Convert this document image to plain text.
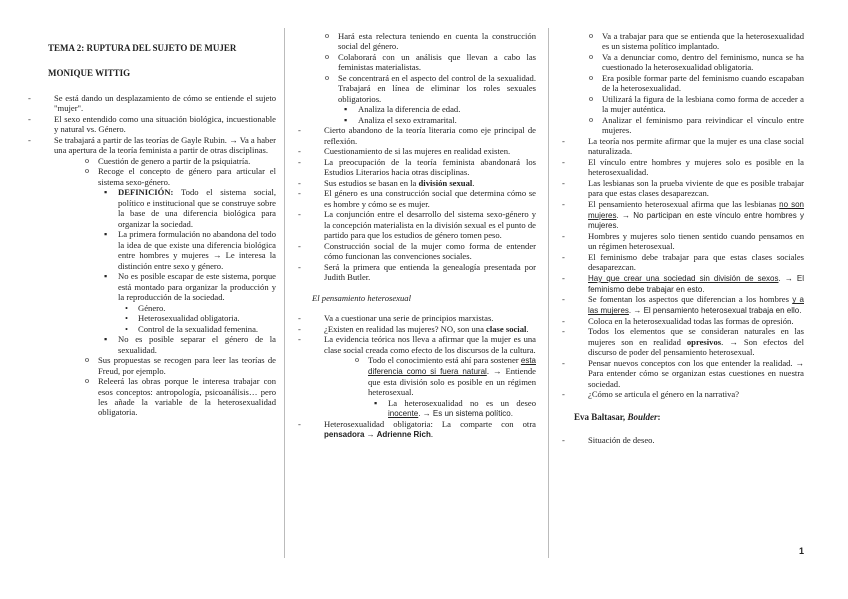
TEMA 2: RUPTURA DEL SUJETO DE MUJER
MONIQUE WITTIG
- Se está dando un desplazamiento de cómo se entiende el sujeto "mujer".
- El sexo entendido como una situación biológica, incuestionable y natural vs. Género.
- Se trabajará a partir de las teorías de Gayle Rubin. → Va a haber una apertura de la teoría feminista a partir de otras disciplinas.
o Cuestión de genero a partir de la psiquiatría.
o Recoge el concepto de género para articular el sistema sexo-género.
▪ DEFINICIÓN: Todo el sistema social, político e institucional que se construye sobre la base de una diferencia biológica para organizar la sociedad.
▪ La primera formulación no abandona del todo la idea de que existe una diferencia biológica entre hombres y mujeres → Le interesa la distinción entre sexo y género.
▪ No es posible escapar de este sistema, porque está montado para organizar la producción y la reproducción de la sociedad.
• Género.
• Heterosexualidad obligatoria.
• Control de la sexualidad femenina.
▪ No es posible separar el género de la sexualidad.
o Sus propuestas se recogen para leer las teorías de Freud, por ejemplo.
o Releerá las obras porque le interesa trabajar con esos conceptos: antropología, psicoanálisis… pero les añade la variable de la heterosexualidad obligatoria.
o Hará esta relectura teniendo en cuenta la construcción social del género.
o Colaborará con un análisis que llevan a cabo las feministas materialistas.
o Se concentrará en el aspecto del control de la sexualidad. Trabajará en línea de eliminar los roles sexuales obligatorios.
▪ Analiza la diferencia de edad.
▪ Analiza el sexo extramarital.
- Cierto abandono de la teoría literaria como eje principal de reflexión.
- Cuestionamiento de si las mujeres en realidad existen.
- La preocupación de la teoría feminista abandonará los Estudios Literarios hacia otras disciplinas.
- Sus estudios se basan en la división sexual.
- El género es una construcción social que determina cómo se es hombre y cómo se es mujer.
- La conjunción entre el desarrollo del sistema sexo-género y la concepción materialista en la división sexual es el punto de partido para que los estudios de género tomen peso.
- Construcción social de la mujer como forma de entender cómo funcionan las convenciones sociales.
- Será la primera que entienda la genealogía presentada por Judith Butler.
El pensamiento heterosexual
- Va a cuestionar una serie de principios marxistas.
- ¿Existen en realidad las mujeres? NO, son una clase social.
- La evidencia teórica nos lleva a afirmar que la mujer es una clase social creada como efecto de los discursos de la cultura.
o Todo el conocimiento está ahí para sostener esta diferencia como si fuera natural. → Entiende que esta división solo es posible en un régimen heterosexual.
▪ La heterosexualidad no es un deseo inocente. → Es un sistema político.
- Heterosexualidad obligatoria: La comparte con otra pensadora → Adrienne Rich.
o Va a trabajar para que se entienda que la heterosexualidad es un sistema político implantado.
o Va a denunciar como, dentro del feminismo, nunca se ha cuestionado la heterosexualidad obligatoria.
o Era posible formar parte del feminismo cuando escapaban de la heterosexualidad.
o Utilizará la figura de la lesbiana como forma de acceder a la mujer auténtica.
o Analizar el feminismo para reivindicar el vínculo entre mujeres.
- La teoría nos permite afirmar que la mujer es una clase social naturalizada.
- El vínculo entre hombres y mujeres solo es posible en la heterosexualidad.
- Las lesbianas son la prueba viviente de que es posible trabajar para que estas clases desaparezcan.
- El pensamiento heterosexual afirma que las lesbianas no son mujeres. → No participan en este vínculo entre hombres y mujeres.
- Hombres y mujeres solo tienen sentido cuando pensamos en un régimen heterosexual.
- El feminismo debe trabajar para que estas clases sociales desaparezcan.
- Hay que crear una sociedad sin división de sexos. → El feminismo debe trabajar en esto.
- Se fomentan los aspectos que diferencian a los hombres y a las mujeres. → El pensamiento heterosexual trabaja en ello.
- Coloca en la heterosexualidad todas las formas de opresión.
- Todos los elementos que se consideran naturales en las mujeres son en realidad opresivos. → Son efectos del discurso de poder del pensamiento heterosexual.
- Pensar nuevos conceptos con los que entender la realidad. → Para entender cómo se organizan estas cuestiones en nuestra sociedad.
- ¿Cómo se articula el género en la narrativa?
Eva Baltasar, Boulder:
- Situación de deseo.
1
